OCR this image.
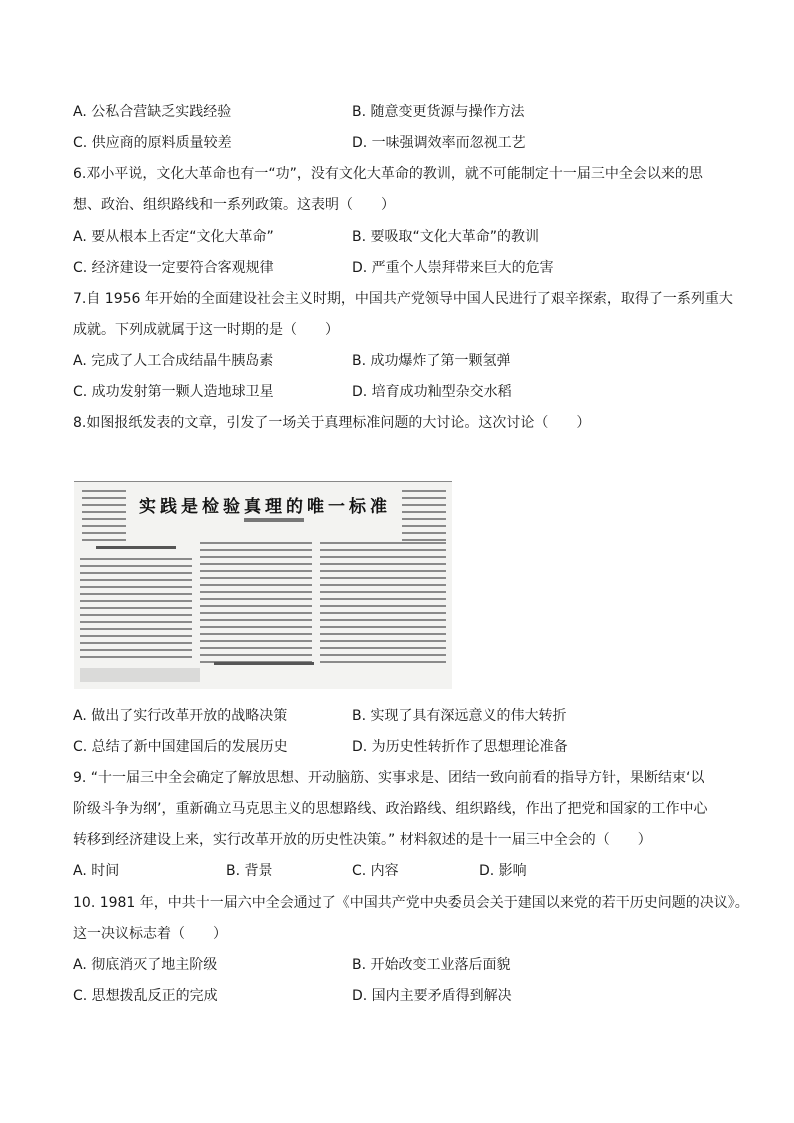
A. 公私合营缺乏实践经验	B. 随意变更货源与操作方法
C. 供应商的原料质量较差	D. 一味强调效率而忽视工艺
6.邓小平说，文化大革命也有一“功”，没有文化大革命的教训，就不可能制定十一届三中全会以来的思
想、政治、组织路线和一系列政策。这表明（　　）
A. 要从根本上否定“文化大革命”	B. 要吸取“文化大革命”的教训
C. 经济建设一定要符合客观规律	D. 严重个人崇拜带来巨大的危害
7.自 1956 年开始的全面建设社会主义时期，中国共产党领导中国人民进行了艰辛探索，取得了一系列重大
成就。下列成就属于这一时期的是（　　）
A. 完成了人工合成结晶牛胰岛素	B. 成功爆炸了第一颗氢弹
C. 成功发射第一颗人造地球卫星	D. 培育成功籼型杂交水稻
8.如图报纸发表的文章，引发了一场关于真理标准问题的大讨论。这次讨论（　　）
实践是检验真理的唯一标准
A. 做出了实行改革开放的战略决策	B. 实现了具有深远意义的伟大转折
C. 总结了新中国建国后的发展历史	D. 为历史性转折作了思想理论准备
9. “十一届三中全会确定了解放思想、开动脑筋、实事求是、团结一致向前看的指导方针，果断结束‘以
阶级斗争为纲’，重新确立马克思主义的思想路线、政治路线、组织路线，作出了把党和国家的工作中心
转移到经济建设上来，实行改革开放的历史性决策。” 材料叙述的是十一届三中全会的（　　）
A. 时间	B. 背景	C. 内容	D. 影响
10. 1981 年，中共十一届六中全会通过了《中国共产党中央委员会关于建国以来党的若干历史问题的决议》。
这一决议标志着（　　）
A. 彻底消灭了地主阶级	B. 开始改变工业落后面貌
C. 思想拨乱反正的完成	D. 国内主要矛盾得到解决
